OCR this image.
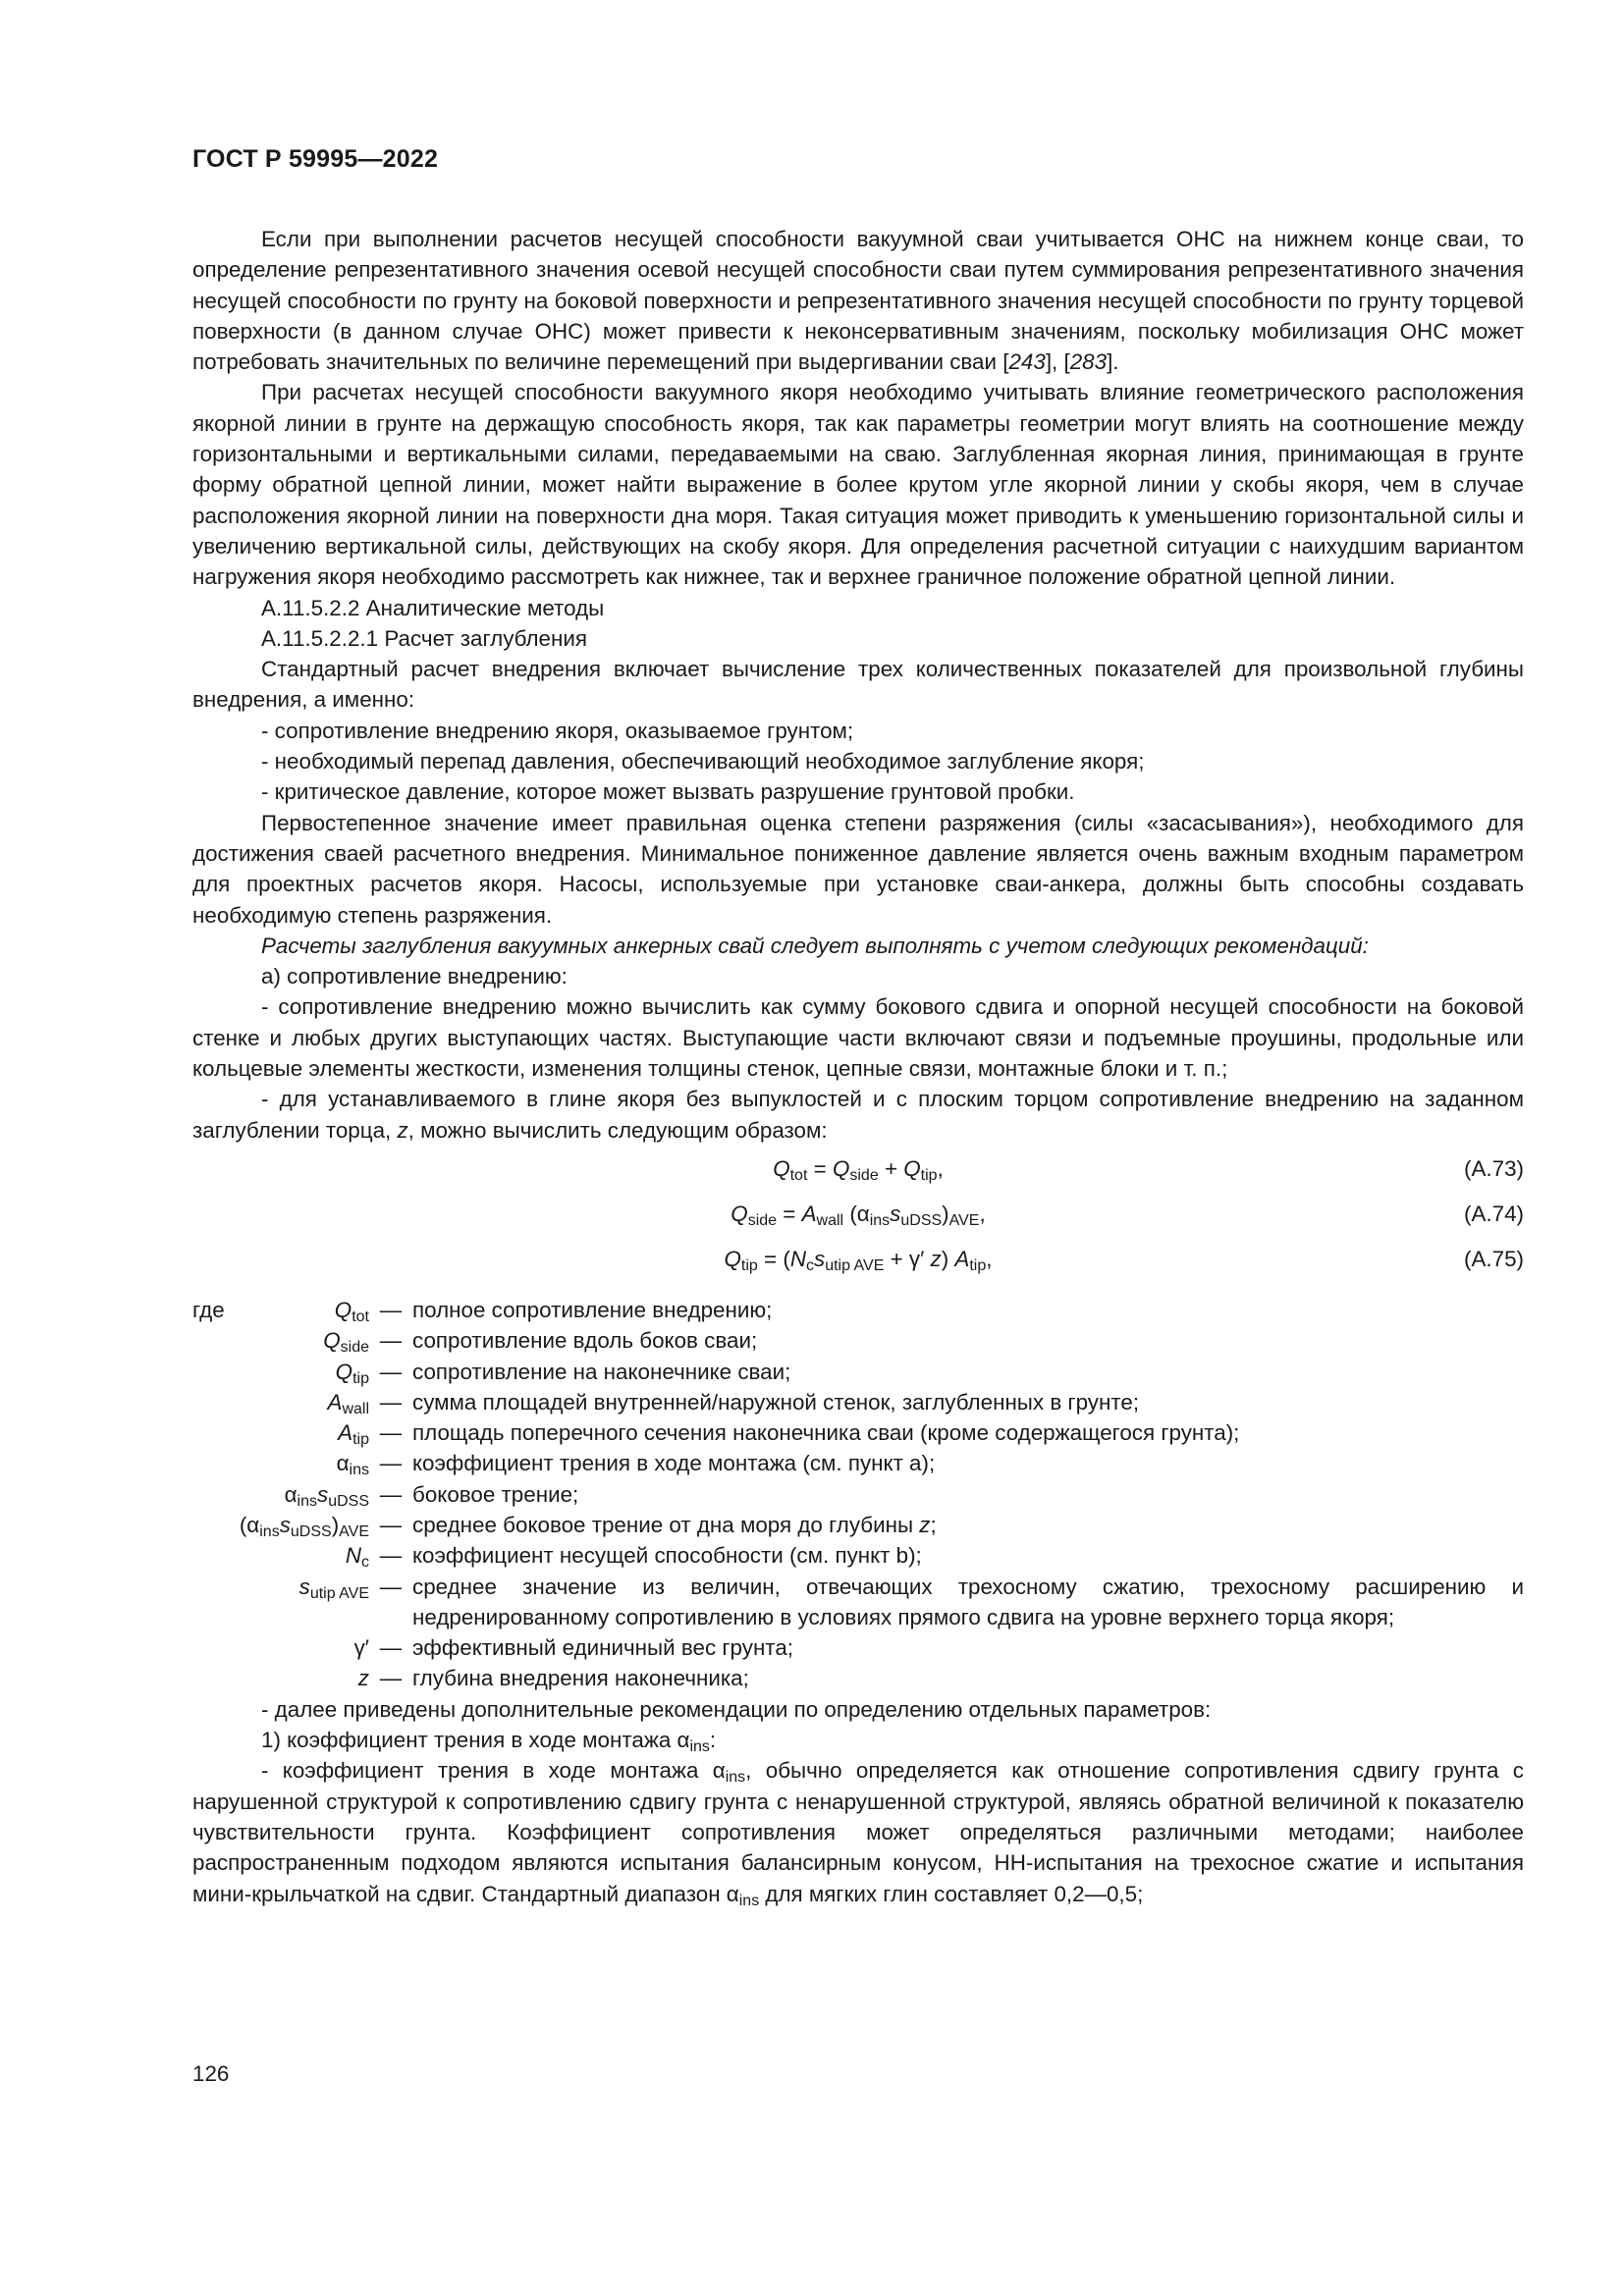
ГОСТ Р 59995—2022

Если при выполнении расчетов несущей способности вакуумной сваи учитывается ОНС на нижнем конце сваи, то определение репрезентативного значения осевой несущей способности сваи путем суммирования репрезентативного значения несущей способности по грунту на боковой поверхности и репрезентативного значения несущей способности по грунту торцевой поверхности (в данном случае ОНС) может привести к неконсервативным значениям, поскольку мобилизация ОНС может потребовать значительных по величине перемещений при выдергивании сваи [243], [283].

При расчетах несущей способности вакуумного якоря необходимо учитывать влияние геометрического расположения якорной линии в грунте на держащую способность якоря, так как параметры геометрии могут влиять на соотношение между горизонтальными и вертикальными силами, передаваемыми на сваю. Заглубленная якорная линия, принимающая в грунте форму обратной цепной линии, может найти выражение в более крутом угле якорной линии у скобы якоря, чем в случае расположения якорной линии на поверхности дна моря. Такая ситуация может приводить к уменьшению горизонтальной силы и увеличению вертикальной силы, действующих на скобу якоря. Для определения расчетной ситуации с наихудшим вариантом нагружения якоря необходимо рассмотреть как нижнее, так и верхнее граничное положение обратной цепной линии.

А.11.5.2.2 Аналитические методы

А.11.5.2.2.1 Расчет заглубления

Стандартный расчет внедрения включает вычисление трех количественных показателей для произвольной глубины внедрения, а именно:

- сопротивление внедрению якоря, оказываемое грунтом;

- необходимый перепад давления, обеспечивающий необходимое заглубление якоря;

- критическое давление, которое может вызвать разрушение грунтовой пробки.

Первостепенное значение имеет правильная оценка степени разряжения (силы «засасывания»), необходимого для достижения сваей расчетного внедрения. Минимальное пониженное давление является очень важным входным параметром для проектных расчетов якоря. Насосы, используемые при установке сваи-анкера, должны быть способны создавать необходимую степень разряжения.

Расчеты заглубления вакуумных анкерных свай следует выполнять с учетом следующих рекомендаций:

а) сопротивление внедрению:

- сопротивление внедрению можно вычислить как сумму бокового сдвига и опорной несущей способности на боковой стенке и любых других выступающих частях. Выступающие части включают связи и подъемные проушины, продольные или кольцевые элементы жесткости, изменения толщины стенок, цепные связи, монтажные блоки и т. п.;

- для устанавливаемого в глине якоря без выпуклостей и с плоским торцом сопротивление внедрению на заданном заглублении торца, z, можно вычислить следующим образом:

$Q_{tot} = Q_{side} + Q_{tip}$,	(А.73)
$Q_{side} = A_{wall}$ $(\alpha_{ins}s_{uDSS})_{AVE}$,	(А.74)
$Q_{tip} = (N_cs_{utip AVE} + \gamma'$ z) $A_{tip}$,	(А.75)
где	$Q_{tot}$ — полное сопротивление внедрению;
$Q_{side}$ — сопротивление вдоль боков сваи;
$Q_{tip}$ — сопротивление на наконечнике сваи;
$A_{wall}$ — сумма площадей внутренней/наружной стенок, заглубленных в грунте;
$A_{tip}$ — площадь поперечного сечения наконечника сваи (кроме содержащегося грунта);
$\alpha_{ins}$ — коэффициент трения в ходе монтажа (см. пункт а);
$\alpha_{ins}s_{uDSS}$ — боковое трение;
$(\alpha_{ins}s_{uDSS})_{AVE}$ — среднее боковое трение от дна моря до глубины z;
$N_c$ — коэффициент несущей способности (см. пункт b);
$s_{utip AVE}$ — среднее значение из величин, отвечающих трехосному сжатию, трехосному расширению и недренированному сопротивлению в условиях прямого сдвига на уровне верхнего торца якоря;
γ′ — эффективный единичный вес грунта;
z — глубина внедрения наконечника;

- далее приведены дополнительные рекомендации по определению отдельных параметров:

1) коэффициент трения в ходе монтажа $\alpha_{ins}$:

- коэффициент трения в ходе монтажа $\alpha_{ins}$, обычно определяется как отношение сопротивления сдвигу грунта с нарушенной структурой к сопротивлению сдвигу грунта с ненарушенной структурой, являясь обратной величиной к показателю чувствительности грунта. Коэффициент сопротивления может определяться различными методами; наиболее распространенным подходом являются испытания балансирным конусом, НН-испытания на трехосное сжатие и испытания мини-крыльчаткой на сдвиг. Стандартный диапазон $\alpha_{ins}$ для мягких глин составляет 0,2—0,5;

126
